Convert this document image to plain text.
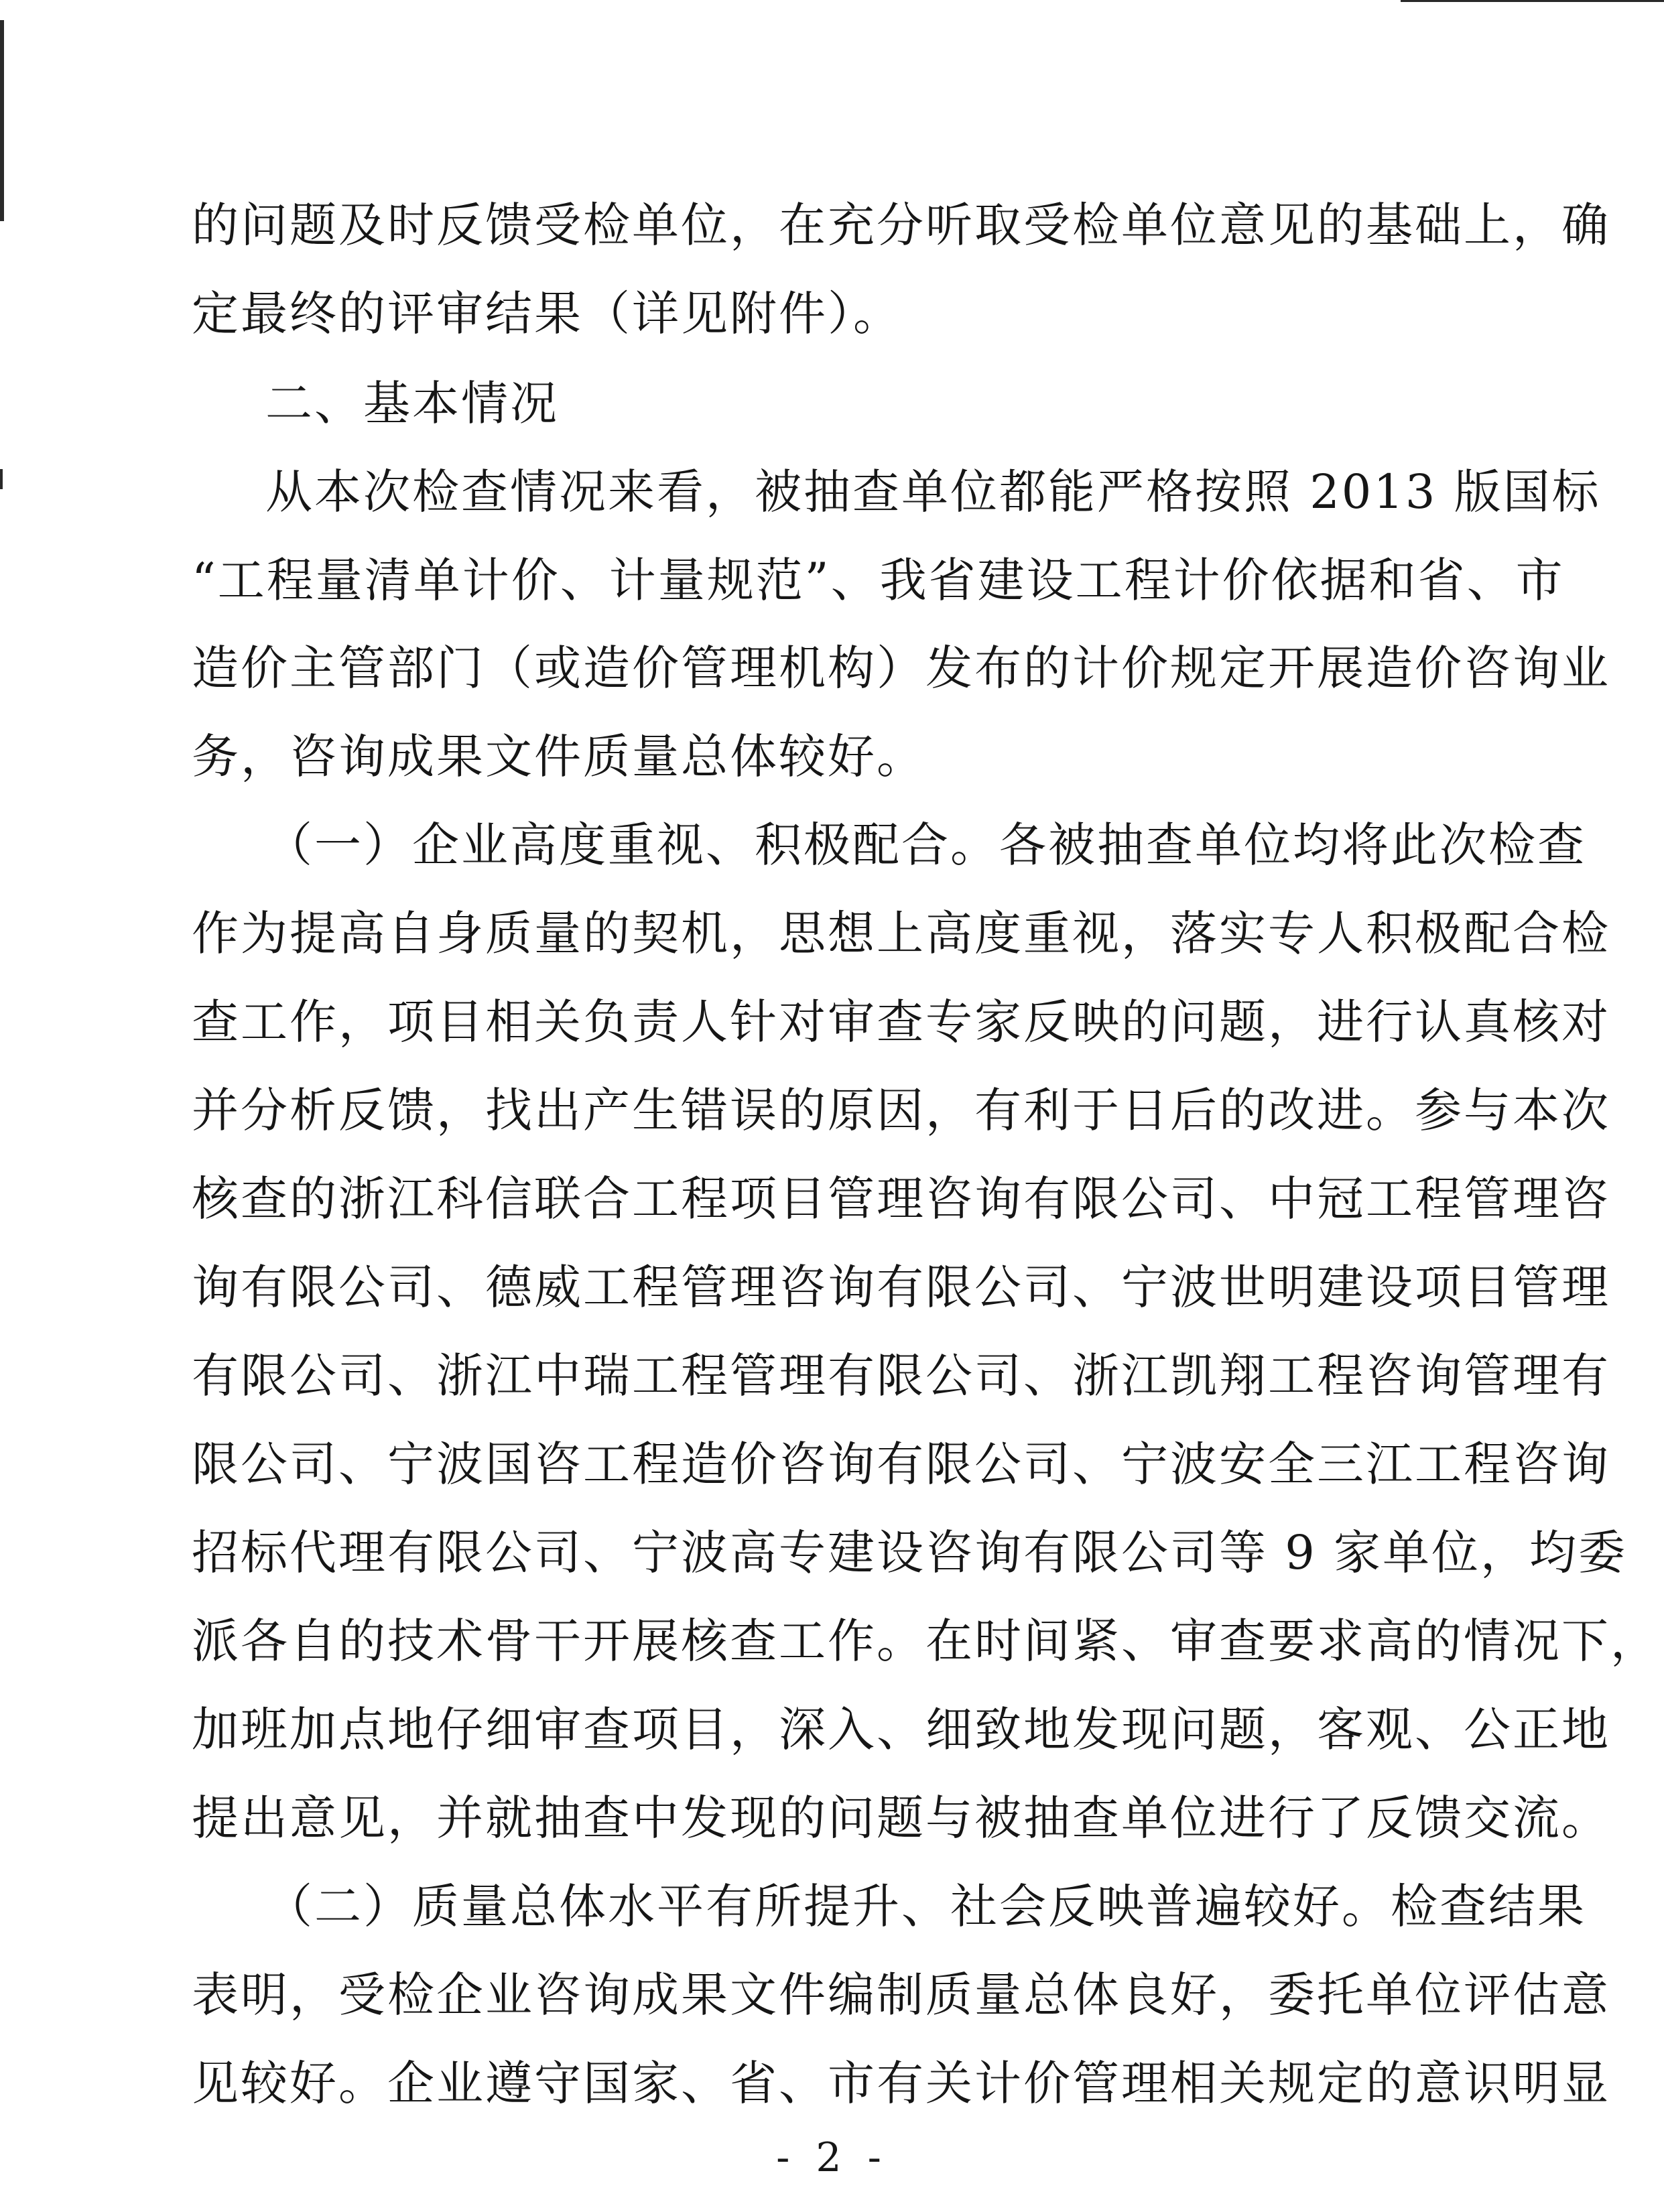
的问题及时反馈受检单位，在充分听取受检单位意见的基础上，确
定最终的评审结果（详见附件）。
二、基本情况
从本次检查情况来看，被抽查单位都能严格按照 2013 版国标
“工程量清单计价、计量规范”、我省建设工程计价依据和省、市
造价主管部门（或造价管理机构）发布的计价规定开展造价咨询业
务，咨询成果文件质量总体较好。
（一）企业高度重视、积极配合。各被抽查单位均将此次检查
作为提高自身质量的契机，思想上高度重视，落实专人积极配合检
查工作，项目相关负责人针对审查专家反映的问题，进行认真核对
并分析反馈，找出产生错误的原因，有利于日后的改进。参与本次
核查的浙江科信联合工程项目管理咨询有限公司、中冠工程管理咨
询有限公司、德威工程管理咨询有限公司、宁波世明建设项目管理
有限公司、浙江中瑞工程管理有限公司、浙江凯翔工程咨询管理有
限公司、宁波国咨工程造价咨询有限公司、宁波安全三江工程咨询
招标代理有限公司、宁波高专建设咨询有限公司等 9 家单位，均委
派各自的技术骨干开展核查工作。在时间紧、审查要求高的情况下，
加班加点地仔细审查项目，深入、细致地发现问题，客观、公正地
提出意见，并就抽查中发现的问题与被抽查单位进行了反馈交流。
（二）质量总体水平有所提升、社会反映普遍较好。检查结果
表明，受检企业咨询成果文件编制质量总体良好，委托单位评估意
见较好。企业遵守国家、省、市有关计价管理相关规定的意识明显
- 2 -
